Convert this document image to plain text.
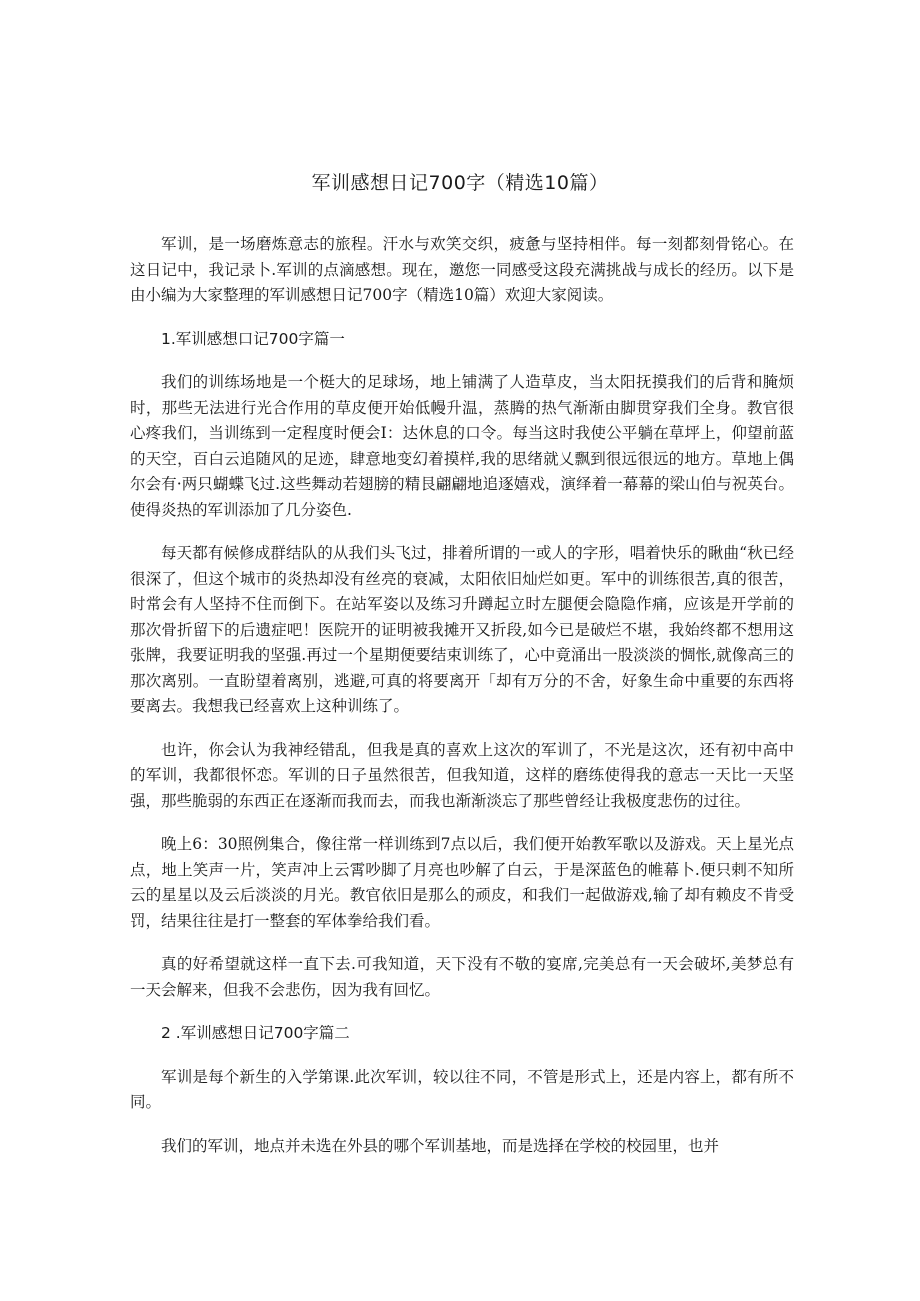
军训感想日记700字（精选10篇）

军训，是一场磨炼意志的旅程。汗水与欢笑交织，疲惫与坚持相伴。每一刻都刻骨铭心。在这日记中，我记录卜.军训的点滴感想。现在，邀您一同感受这段充满挑战与成长的经历。以下是由小编为大家整理的军训感想日记700字（精选10篇）欢迎大家阅读。

1.军训感想口记700字篇一

我们的训练场地是一个梃大的足球场，地上铺满了人造草皮，当太阳抚摸我们的后背和腌烦时，那些无法进行光合作用的草皮便开始低幔升温，蒸腾的热气渐渐由脚贯穿我们全身。教官很心疼我们，当训练到一定程度时便会I：达休息的口令。每当这时我使公平躺在草坪上，仰望前蓝的天空，百白云追随风的足迹，肆意地变幻着摸样,我的思绪就乂飘到很远很远的地方。草地上偶尔会有·两只蝴蝶飞过.这些舞动若翅膀的精艮翩翩地追逐嬉戏，演绎着一幕幕的梁山伯与祝英台。使得炎热的军训添加了几分姿色.

每天都有候修成群结队的从我们头飞过，排着所谓的一或人的字形，唱着快乐的瞅曲“秋已经很深了，但这个城市的炎热却没有丝亮的衰减，太阳依旧灿烂如更。军中的训练很苦,真的很苦，时常会有人坚持不住而倒下。在站军姿以及练习升蹲起立时左腿便会隐隐作痛，应该是开学前的那次骨折留下的后遗症吧！医院开的证明被我摊开又折段,如今已是破烂不堪，我始终都不想用这张牌，我要证明我的坚强.再过一个星期便要结束训练了，心中竟涌出一股淡淡的惆怅,就像高三的那次离别。一直盼望着离别，逃避,可真的将要离开「却有万分的不舍，好象生命中重要的东西将要离去。我想我已经喜欢上这种训练了。

也许，你会认为我神经错乱，但我是真的喜欢上这次的军训了，不光是这次，还有初中高中的军训，我都很怀恋。军训的日子虽然很苦，但我知道，这样的磨练使得我的意志一天比一天坚强，那些脆弱的东西正在逐渐而我而去，而我也渐渐淡忘了那些曾经让我极度悲伤的过往。

晚上6：30照例集合，像往常一样训练到7点以后，我们便开始教军歌以及游戏。天上星光点点，地上笑声一片，笑声冲上云霄吵脚了月亮也吵解了白云，于是深蓝色的帷幕卜.便只剌不知所云的星星以及云后淡淡的月光。教官依旧是那么的顽皮，和我们一起做游戏,输了却有赖皮不肯受罚，结果往往是打一整套的军体拳给我们看。

真的好希望就这样一直下去.可我知道，天下没有不敬的宴席,完美总有一天会破坏,美梦总有一天会解来，但我不会悲伤，因为我有回忆。

2 .军训感想日记700字篇二

军训是每个新生的入学第课.此次军训，较以往不同，不管是形式上，还是内容上，都有所不同。

我们的军训，地点并未选在外县的哪个军训基地，而是选择在学校的校园里，也并
